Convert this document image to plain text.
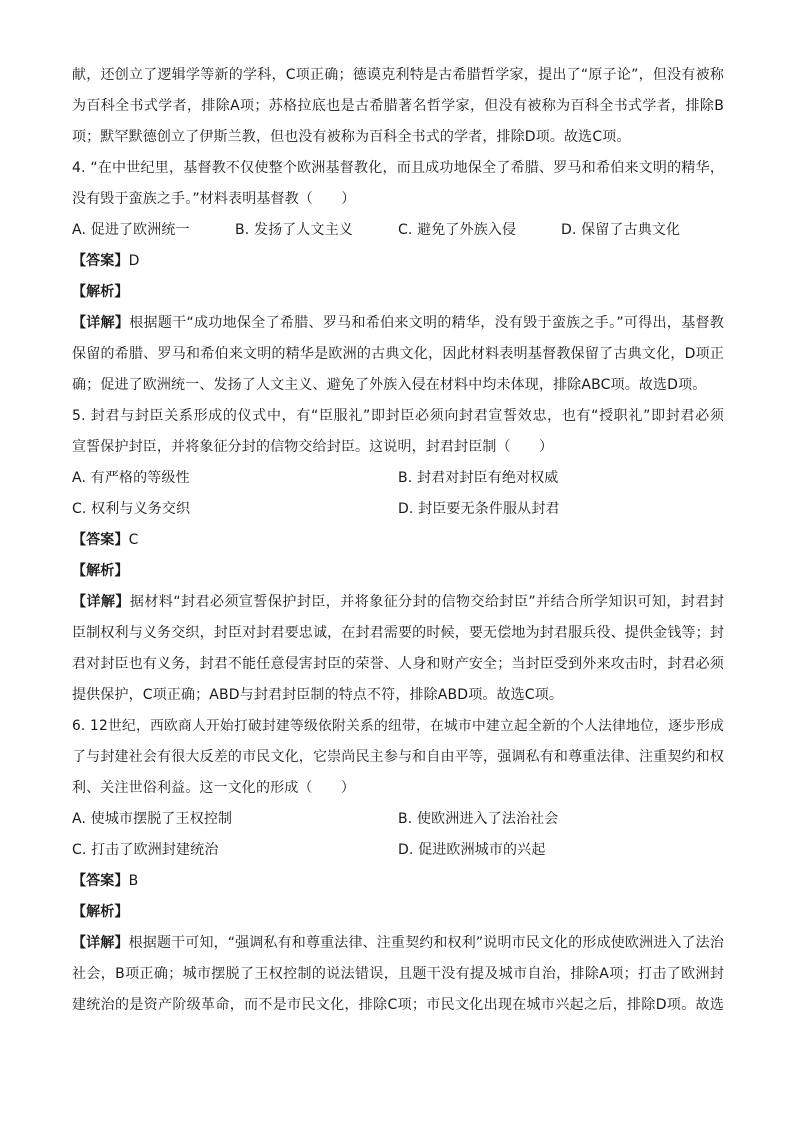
献，还创立了逻辑学等新的学科，C项正确；德谟克利特是古希腊哲学家，提出了“原子论”，但没有被称
为百科全书式学者，排除A项；苏格拉底也是古希腊著名哲学家，但没有被称为百科全书式学者，排除B
项；默罕默德创立了伊斯兰教，但也没有被称为百科全书式的学者，排除D项。故选C项。
4. “在中世纪里，基督教不仅使整个欧洲基督教化，而且成功地保全了希腊、罗马和希伯来文明的精华，
没有毁于蛮族之手。”材料表明基督教（　　）
A. 促进了欧洲统一	B. 发扬了人文主义	C. 避免了外族入侵	D. 保留了古典文化
【答案】D
【解析】
【详解】根据题干“成功地保全了希腊、罗马和希伯来文明的精华，没有毁于蛮族之手。”可得出，基督教
保留的希腊、罗马和希伯来文明的精华是欧洲的古典文化，因此材料表明基督教保留了古典文化，D项正
确；促进了欧洲统一、发扬了人文主义、避免了外族入侵在材料中均未体现，排除ABC项。故选D项。
5. 封君与封臣关系形成的仪式中，有“臣服礼”即封臣必须向封君宣誓效忠，也有“授职礼”即封君必须
宣誓保护封臣，并将象征分封的信物交给封臣。这说明，封君封臣制（　　）
A. 有严格的等级性	B. 封君对封臣有绝对权威
C. 权利与义务交织	D. 封臣要无条件服从封君
【答案】C
【解析】
【详解】据材料“封君必须宣誓保护封臣，并将象征分封的信物交给封臣”并结合所学知识可知，封君封
臣制权利与义务交织，封臣对封君要忠诚，在封君需要的时候，要无偿地为封君服兵役、提供金钱等；封
君对封臣也有义务，封君不能任意侵害封臣的荣誉、人身和财产安全；当封臣受到外来攻击时，封君必须
提供保护，C项正确；ABD与封君封臣制的特点不符，排除ABD项。故选C项。
6. 12世纪，西欧商人开始打破封建等级依附关系的纽带，在城市中建立起全新的个人法律地位，逐步形成
了与封建社会有很大反差的市民文化，它崇尚民主参与和自由平等，强调私有和尊重法律、注重契约和权
利、关注世俗利益。这一文化的形成（　　）
A. 使城市摆脱了王权控制	B. 使欧洲进入了法治社会
C. 打击了欧洲封建统治	D. 促进欧洲城市的兴起
【答案】B
【解析】
【详解】根据题干可知，“强调私有和尊重法律、注重契约和权利”说明市民文化的形成使欧洲进入了法治
社会，B项正确；城市摆脱了王权控制的说法错误，且题干没有提及城市自治，排除A项；打击了欧洲封
建统治的是资产阶级革命，而不是市民文化，排除C项；市民文化出现在城市兴起之后，排除D项。故选
